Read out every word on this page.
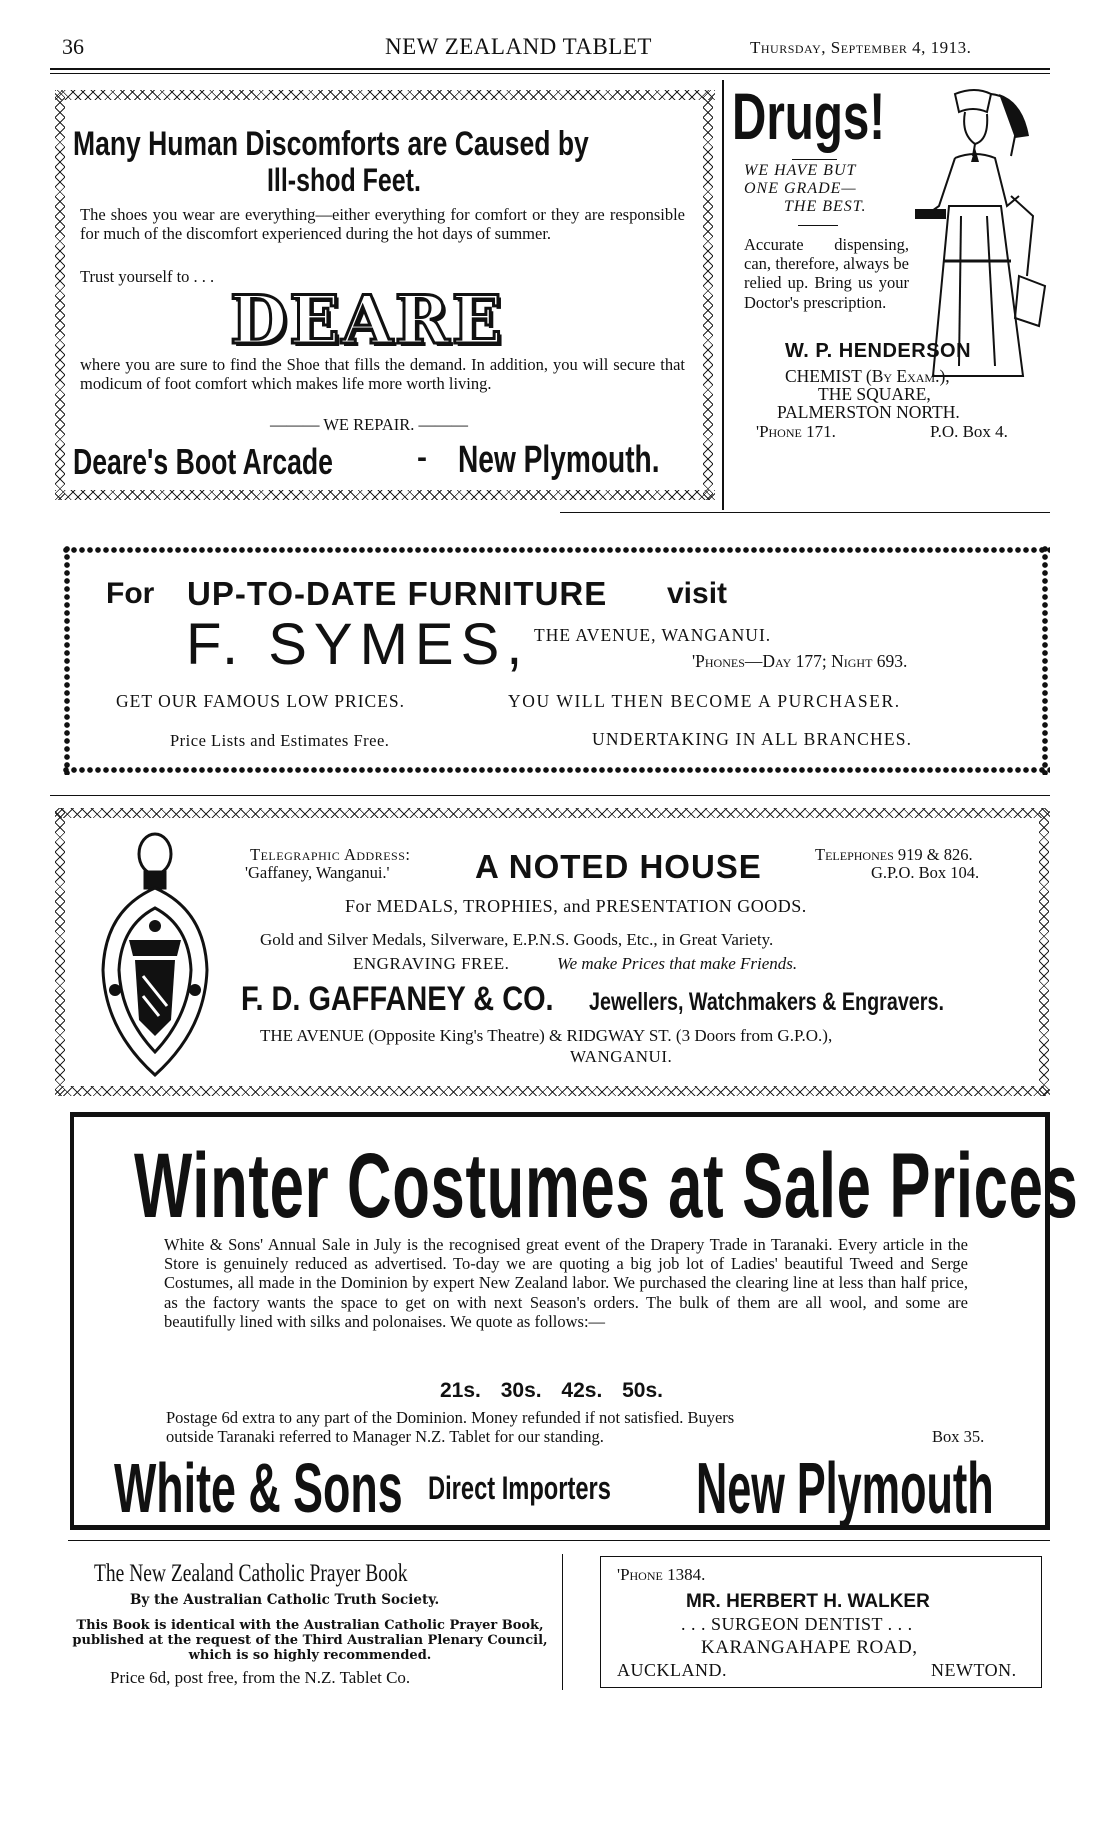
36	NEW ZEALAND TABLET	Thursday, September 4, 1913.
Many Human Discomforts are Caused by
Ill-shod Feet.

The shoes you wear are everything—either everything for comfort or they are responsible for much of the discomfort experienced during the hot days of summer.

Trust yourself to . . .
DEARE

where you are sure to find the Shoe that fills the demand. In addition, you will secure that modicum of foot comfort which makes life more worth living.

——— WE REPAIR. ———
Deare's Boot Arcade	- New Plymouth.
Drugs!
WE HAVE BUT
ONE GRADE—
THE BEST.

Accurate dispensing, can, therefore, always be relied up. Bring us your Doctor's prescription.

W. P. HENDERSON
CHEMIST (By Exam.),
THE SQUARE,
PALMERSTON NORTH.
'Phone 171.	P.O. Box 4.
For UP-TO-DATE FURNITURE visit
F. SYMES, THE AVENUE, WANGANUI.
'Phones—Day 177; Night 693.
GET OUR FAMOUS LOW PRICES.	YOU WILL THEN BECOME A PURCHASER.
Price Lists and Estimates Free.	UNDERTAKING IN ALL BRANCHES.
Telegraphic Address:
'Gaffaney, Wanganui.'	A NOTED HOUSE	Telephones 919 & 826.
G.P.O. Box 104.
For MEDALS, TROPHIES, and PRESENTATION GOODS.
Gold and Silver Medals, Silverware, E.P.N.S. Goods, Etc., in Great Variety.
ENGRAVING FREE.	We make Prices that make Friends.
F. D. GAFFANEY & CO. Jewellers, Watchmakers & Engravers.
THE AVENUE (Opposite King's Theatre) & RIDGWAY ST. (3 Doors from G.P.O.),
WANGANUI.
Winter Costumes at Sale Prices

White & Sons' Annual Sale in July is the recognised great event of the Drapery Trade in Taranaki. Every article in the Store is genuinely reduced as advertised. To-day we are quoting a big job lot of Ladies' beautiful Tweed and Serge Costumes, all made in the Dominion by expert New Zealand labor. We purchased the clearing line at less than half price, as the factory wants the space to get on with next Season's orders. The bulk of them are all wool, and some are beautifully lined with silks and polonaises. We quote as follows:—

21s. 30s. 42s. 50s.
Postage 6d extra to any part of the Dominion. Money refunded if not satisfied. Buyers
outside Taranaki referred to Manager N.Z. Tablet for our standing.	Box 35.
White & Sons Direct Importers New Plymouth
The New Zealand Catholic Prayer Book
By the Australian Catholic Truth Society.

This Book is identical with the Australian Catholic Prayer Book, published at the request of the Third Australian Plenary Council, which is so highly recommended.

Price 6d, post free, from the N.Z. Tablet Co.
'Phone 1384.
MR. HERBERT H. WALKER
. . . SURGEON DENTIST . . .
KARANGAHAPE ROAD,
AUCKLAND.	NEWTON.
